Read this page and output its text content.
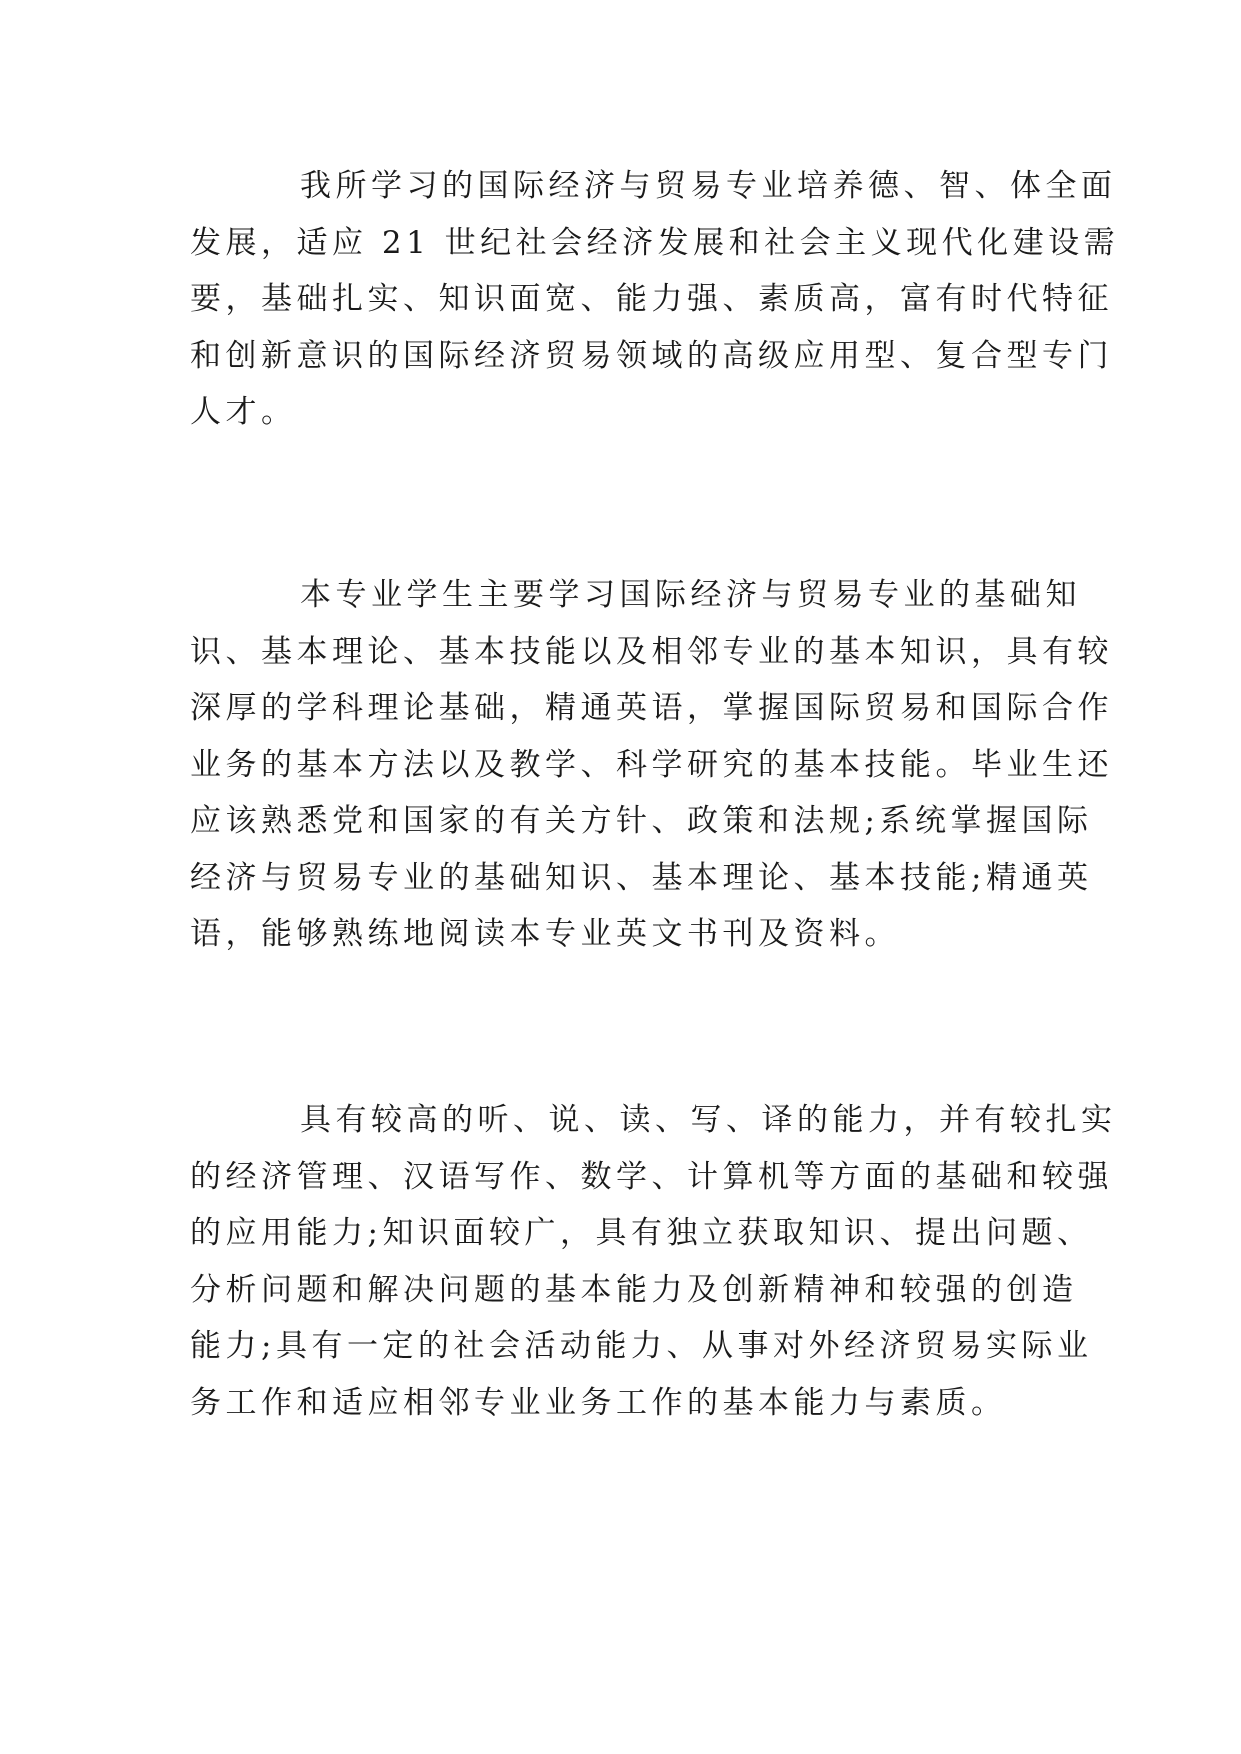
我所学习的国际经济与贸易专业培养德、智、体全面
发展，适应 21 世纪社会经济发展和社会主义现代化建设需
要，基础扎实、知识面宽、能力强、素质高，富有时代特征
和创新意识的国际经济贸易领域的高级应用型、复合型专门
人才。
本专业学生主要学习国际经济与贸易专业的基础知
识、基本理论、基本技能以及相邻专业的基本知识，具有较
深厚的学科理论基础，精通英语，掌握国际贸易和国际合作
业务的基本方法以及教学、科学研究的基本技能。毕业生还
应该熟悉党和国家的有关方针、政策和法规;系统掌握国际
经济与贸易专业的基础知识、基本理论、基本技能;精通英
语，能够熟练地阅读本专业英文书刊及资料。
具有较高的听、说、读、写、译的能力，并有较扎实
的经济管理、汉语写作、数学、计算机等方面的基础和较强
的应用能力;知识面较广，具有独立获取知识、提出问题、
分析问题和解决问题的基本能力及创新精神和较强的创造
能力;具有一定的社会活动能力、从事对外经济贸易实际业
务工作和适应相邻专业业务工作的基本能力与素质。
